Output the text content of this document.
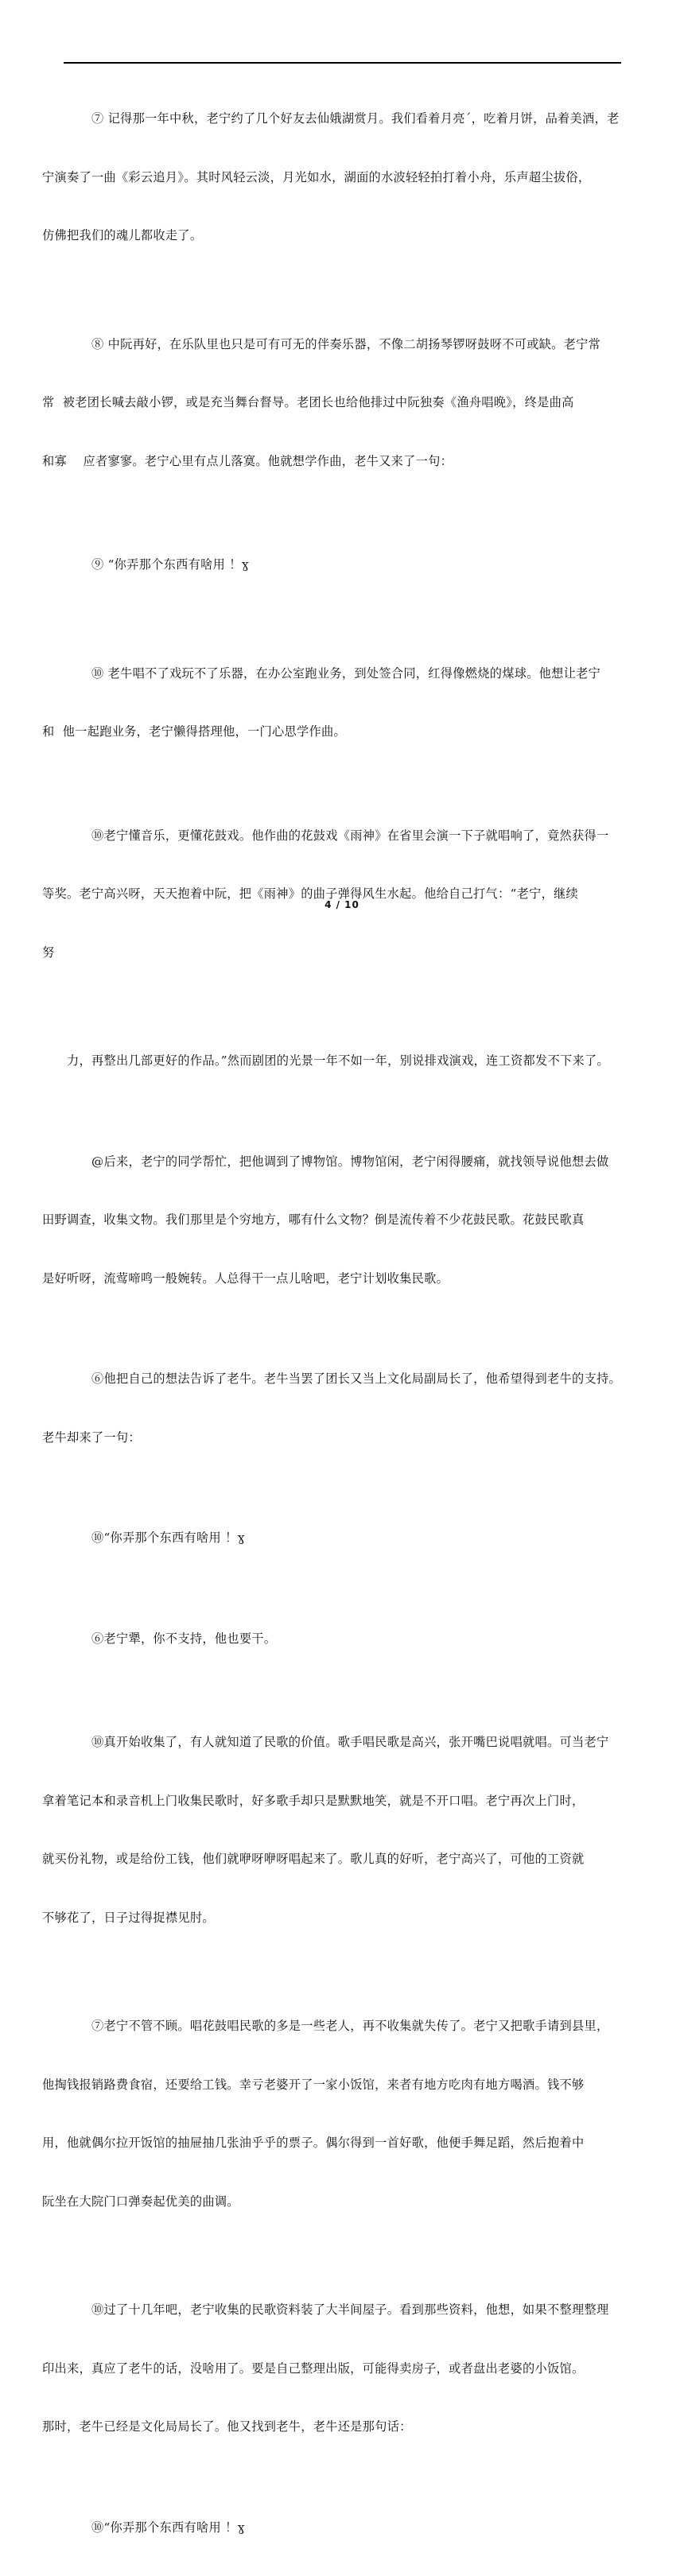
⑦ 记得那一年中秋，老宁约了几个好友去仙娥湖赏月。我们看着月亮ˊ，吃着月饼，品着美酒，老

宁演奏了一曲《彩云追月》。其时风轻云淡，月光如水，湖面的水波轻轻拍打着小舟，乐声超尘拔俗，

仿佛把我们的魂儿都收走了。

⑧ 中阮再好，在乐队里也只是可有可无的伴奏乐器，不像二胡扬琴锣呀鼓呀不可或缺。老宁常

常  被老团长喊去敲小锣，或是充当舞台督导。老团长也给他排过中阮独奏《渔舟唱晚》，终是曲高

和寡    应者寥寥。老宁心里有点儿落寞。他就想学作曲，老牛又来了一句：

⑨ “你弄那个东西有啥用 ！ɣ

⑩ 老牛唱不了戏玩不了乐器，在办公室跑业务，到处签合同，红得像燃烧的煤球。他想让老宁

和  他一起跑业务，老宁懒得搭理他，一门心思学作曲。

⑩老宁懂音乐，更懂花鼓戏。他作曲的花鼓戏《雨神》在省里会演一下子就唱响了，竟然获得一

等奖。老宁高兴呀，天天抱着中阮，把《雨神》的曲子弹得风生水起。他给自己打气：“老宁，继续

努

力，再整出几部更好的作品。”然而剧团的光景一年不如一年，别说排戏演戏，连工资都发不下来了。

@后来，老宁的同学帮忙，把他调到了博物馆。博物馆闲，老宁闲得腰痛，就找领导说他想去做

田野调查，收集文物。我们那里是个穷地方，哪有什么文物？倒是流传着不少花鼓民歌。花鼓民歌真

是好听呀，流莺啼鸣一般婉转。人总得干一点儿啥吧，老宁计划收集民歌。

⑥他把自己的想法告诉了老牛。老牛当罢了团长又当上文化局副局长了，他希望得到老牛的支持。

老牛却来了一句：

⑩“你弄那个东西有啥用 ！ɣ

⑥老宁犟，你不支持，他也要干。

⑩真开始收集了，有人就知道了民歌的价值。歌手唱民歌是高兴，张开嘴巴说唱就唱。可当老宁

拿着笔记本和录音机上门收集民歌时，好多歌手却只是默默地笑，就是不开口唱。老宁再次上门时，

就买份礼物，或是给份工钱，他们就咿呀咿呀唱起来了。歌儿真的好听，老宁高兴了，可他的工资就

不够花了，日子过得捉襟见肘。

⑦老宁不管不顾。唱花鼓唱民歌的多是一些老人，再不收集就失传了。老宁又把歌手请到县里，

他掏钱报销路费食宿，还要给工钱。幸亏老婆开了一家小饭馆，来者有地方吃肉有地方喝酒。钱不够

用，他就偶尔拉开饭馆的抽屉抽几张油乎乎的票子。偶尔得到一首好歌，他便手舞足蹈，然后抱着中

阮坐在大院门口弹奏起优美的曲调。

⑩过了十几年吧，老宁收集的民歌资料装了大半间屋子。看到那些资料，他想，如果不整理整理

印出来，真应了老牛的话，没啥用了。要是自己整理出版，可能得卖房子，或者盘出老婆的小饭馆。

那时，老牛已经是文化局局长了。他又找到老牛，老牛还是那句话：

⑩“你弄那个东西有啥用 ！ɣ

4 / 10
